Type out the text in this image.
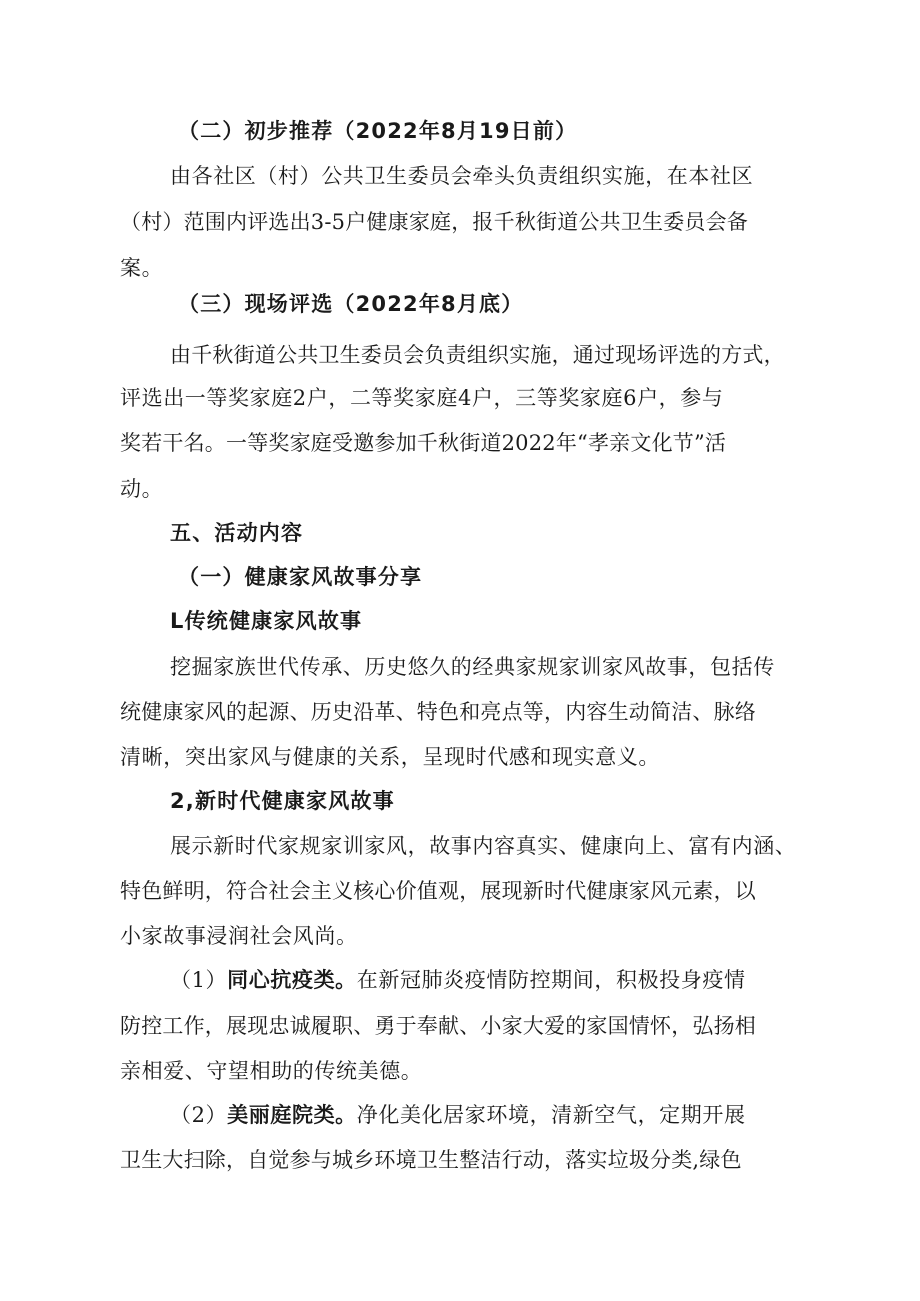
（二）初步推荐（2022年8月19日前）
由各社区（村）公共卫生委员会牵头负责组织实施，在本社区
（村）范围内评选出3-5户健康家庭，报千秋街道公共卫生委员会备
案。
（三）现场评选（2022年8月底）
由千秋街道公共卫生委员会负责组织实施，通过现场评选的方式，
评选出一等奖家庭2户，二等奖家庭4户，三等奖家庭6户，参与
奖若干名。一等奖家庭受邀参加千秋街道2022年“孝亲文化节”活
动。
五、活动内容
（一）健康家风故事分享
L传统健康家风故事
挖掘家族世代传承、历史悠久的经典家规家训家风故事，包括传
统健康家风的起源、历史沿革、特色和亮点等，内容生动简洁、脉络
清晰，突出家风与健康的关系，呈现时代感和现实意义。
2,新时代健康家风故事
展示新时代家规家训家风，故事内容真实、健康向上、富有内涵、
特色鲜明，符合社会主义核心价值观，展现新时代健康家风元素，以
小家故事浸润社会风尚。
（1）同心抗疫类。在新冠肺炎疫情防控期间，积极投身疫情
防控工作，展现忠诚履职、勇于奉献、小家大爱的家国情怀，弘扬相
亲相爱、守望相助的传统美德。
（2）美丽庭院类。净化美化居家环境，清新空气，定期开展
卫生大扫除，自觉参与城乡环境卫生整洁行动，落实垃圾分类,绿色
